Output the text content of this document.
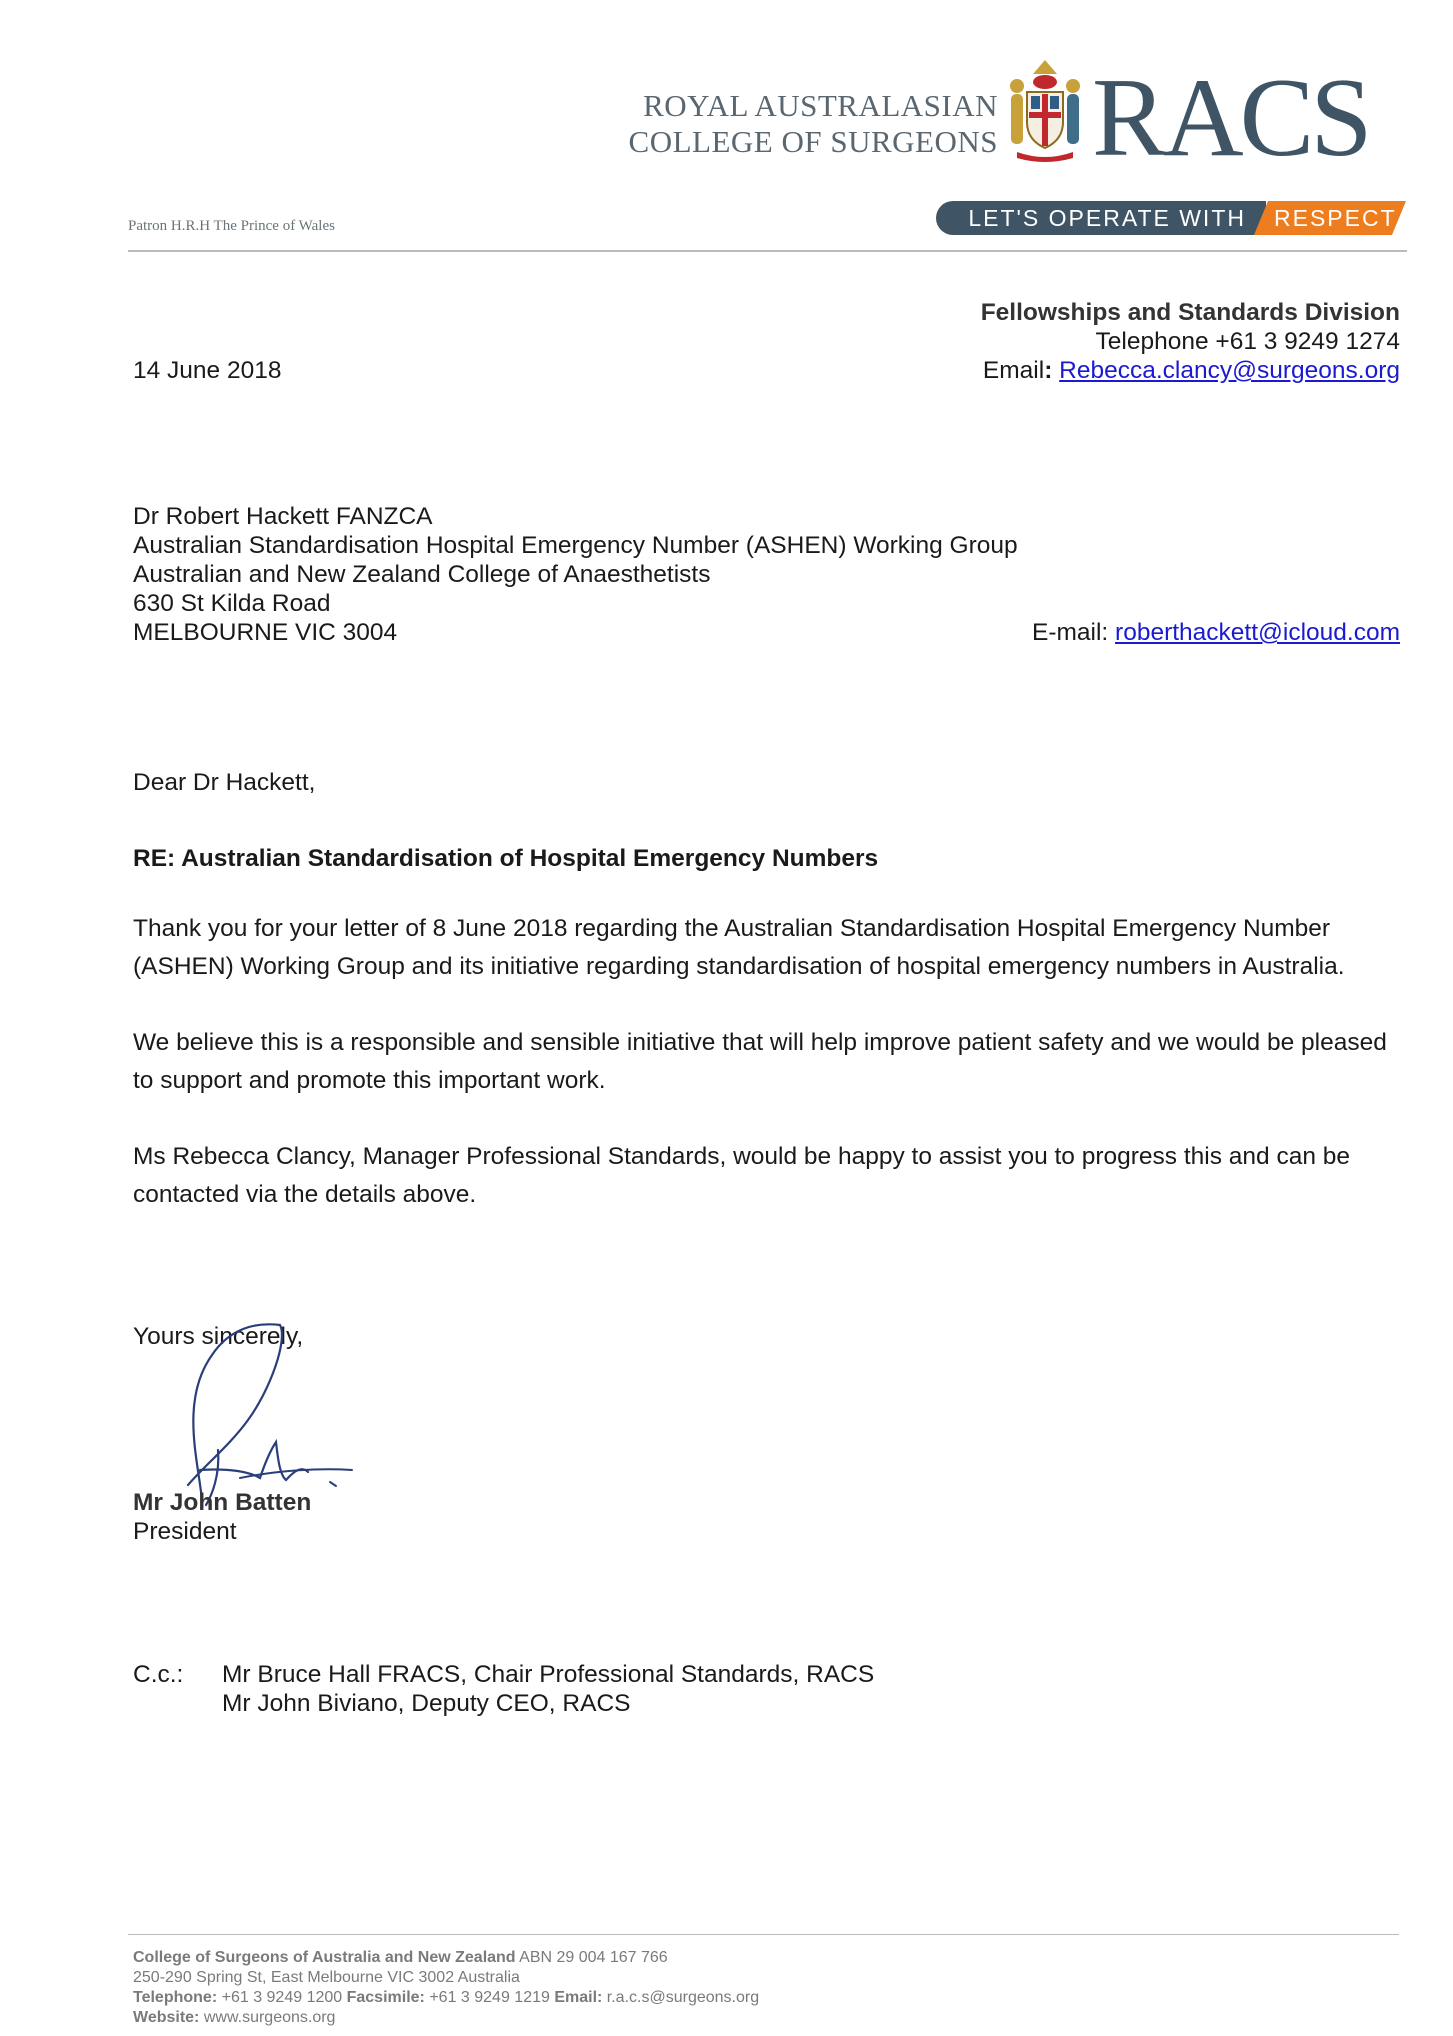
ROYAL AUSTRALASIAN
COLLEGE OF SURGEONS RACS
Patron H.R.H The Prince of Wales	LET'S OPERATE WITH RESPECT
Fellowships and Standards Division
Telephone +61 3 9249 1274
Email: Rebecca.clancy@surgeons.org
14 June 2018
Dr Robert Hackett FANZCA
Australian Standardisation Hospital Emergency Number (ASHEN) Working Group
Australian and New Zealand College of Anaesthetists
630 St Kilda Road
MELBOURNE VIC 3004	E-mail: roberthackett@icloud.com
Dear Dr Hackett,
RE: Australian Standardisation of Hospital Emergency Numbers
Thank you for your letter of 8 June 2018 regarding the Australian Standardisation Hospital Emergency Number (ASHEN) Working Group and its initiative regarding standardisation of hospital emergency numbers in Australia.
We believe this is a responsible and sensible initiative that will help improve patient safety and we would be pleased to support and promote this important work.
Ms Rebecca Clancy, Manager Professional Standards, would be happy to assist you to progress this and can be contacted via the details above.
Yours sincerely,
Mr John Batten
President
C.c.: Mr Bruce Hall FRACS, Chair Professional Standards, RACS
Mr John Biviano, Deputy CEO, RACS
College of Surgeons of Australia and New Zealand ABN 29 004 167 766
250-290 Spring St, East Melbourne VIC 3002 Australia
Telephone: +61 3 9249 1200 Facsimile: +61 3 9249 1219 Email: r.a.c.s@surgeons.org
Website: www.surgeons.org
